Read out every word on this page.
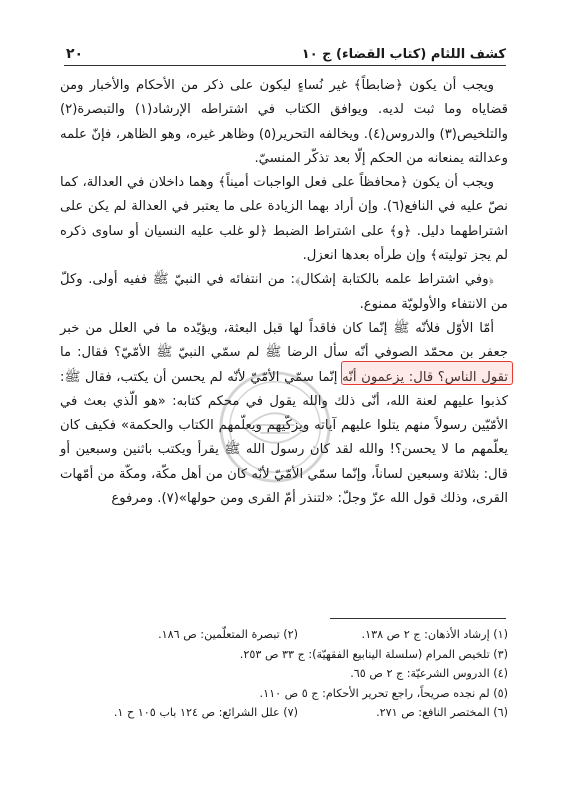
كشف اللثام (كتاب القضاء) ج ١٠
٢٠

ويجب أن يكون ﴿ضابطاً﴾ غير نُساءٍ ليكون على ذكر من الأحكام والأخبار ومن قضاياه وما ثبت لديه. ويوافق الكتاب في اشتراطه الإرشاد(١) والتبصرة(٢) والتلخيص(٣) والدروس(٤). ويخالفه التحرير(٥) وظاهر غيره، وهو الظاهر، فإنّ علمه وعدالته يمنعانه من الحكم إلّا بعد تذكّر المنسيّ.

ويجب أن يكون ﴿محافظاً على فعل الواجبات أميناً﴾ وهما داخلان في العدالة، كما نصّ عليه في النافع(٦). وإن أراد بهما الزيادة على ما يعتبر في العدالة لم يكن على اشتراطهما دليل. ﴿و﴾ على اشتراط الضبط ﴿لو غلب عليه النسيان أو ساوى ذكره لم يجز توليته﴾ وإن طرأه بعدها انعزل.

﴿وفي اشتراط علمه بالكتابة إشكال﴾: من انتفائه في النبيّ ﷺ ففيه أولى. وكلّ من الانتفاء والأولويّة ممنوع.

أمّا الأوّل فلأنّه ﷺ إنّما كان فاقداً لها قبل البعثة، ويؤيّده ما في العلل من خبر جعفر بن محمّد الصوفي أنّه سأل الرضا ﷺ لم سمّي النبيّ ﷺ الأمّيّ؟ فقال: ما تقول الناس؟ قال: يزعمون أنّه إنّما سمّي الأمّيّ لأنّه لم يحسن أن يكتب، فقال ﷺ: كذبوا عليهم لعنة الله، أنّى ذلك والله يقول في محكم كتابه: «هو الّذي بعث في الأمّيّين رسولاً منهم يتلوا عليهم آياته ويزكّيهم ويعلّمهم الكتاب والحكمة» فكيف كان يعلّمهم ما لا يحسن؟! والله لقد كان رسول الله ﷺ يقرأ ويكتب باثنين وسبعين أو قال: بثلاثة وسبعين لساناً، وإنّما سمّي الأمّيّ لأنّه كان من أهل مكّة، ومكّة من أمّهات القرى، وذلك قول الله عزّ وجلّ: «لتنذر أمّ القرى ومن حولها»(٧). ومرفوع

(١) إرشاد الأذهان: ج ٢ ص ١٣٨.
(٢) تبصرة المتعلّمين: ص ١٨٦.
(٣) تلخيص المرام (سلسلة الينابيع الفقهيّة): ج ٣٣ ص ٢٥٣.
(٤) الدروس الشرعيّة: ج ٢ ص ٦٥.
(٥) لم نجده صريحاً، راجع تحرير الأحكام: ج ٥ ص ١١٠.
(٦) المختصر النافع: ص ٢٧١.
(٧) علل الشرائع: ص ١٢٤ باب ١٠٥ ح ١.
